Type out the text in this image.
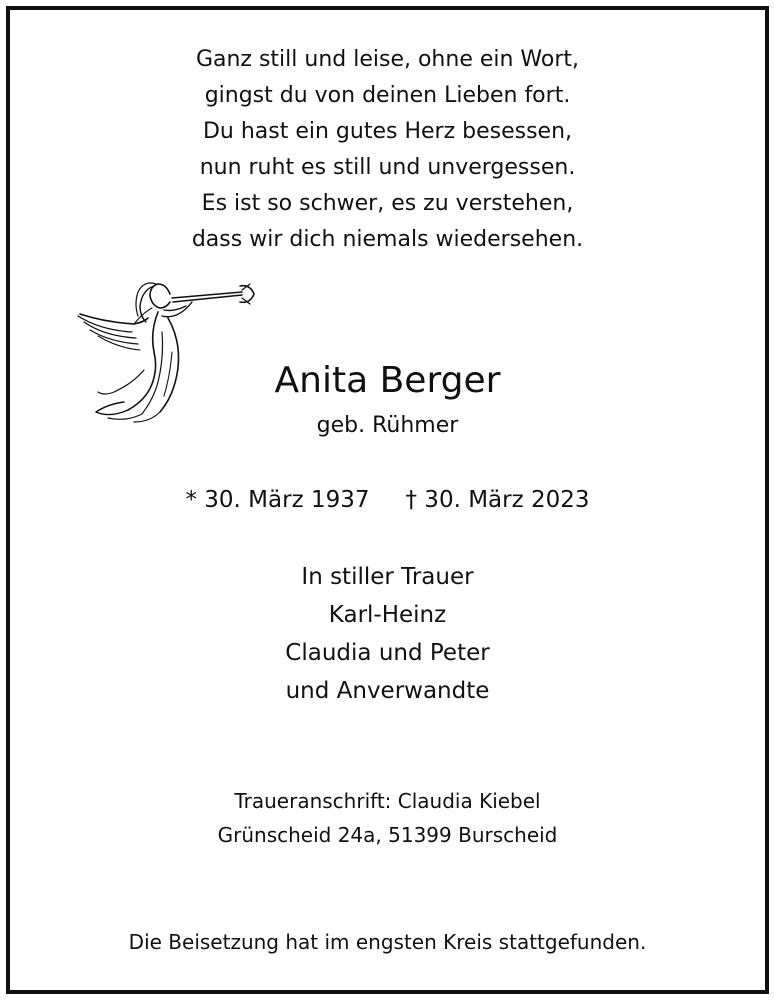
Ganz still und leise, ohne ein Wort,
gingst du von deinen Lieben fort.
Du hast ein gutes Herz besessen,
nun ruht es still und unvergessen.
Es ist so schwer, es zu verstehen,
dass wir dich niemals wiedersehen.
Anita Berger
geb. Rühmer
* 30. März 1937 † 30. März 2023
In stiller Trauer
Karl-Heinz
Claudia und Peter
und Anverwandte
Traueranschrift: Claudia Kiebel
Grünscheid 24a, 51399 Burscheid
Die Beisetzung hat im engsten Kreis stattgefunden.
